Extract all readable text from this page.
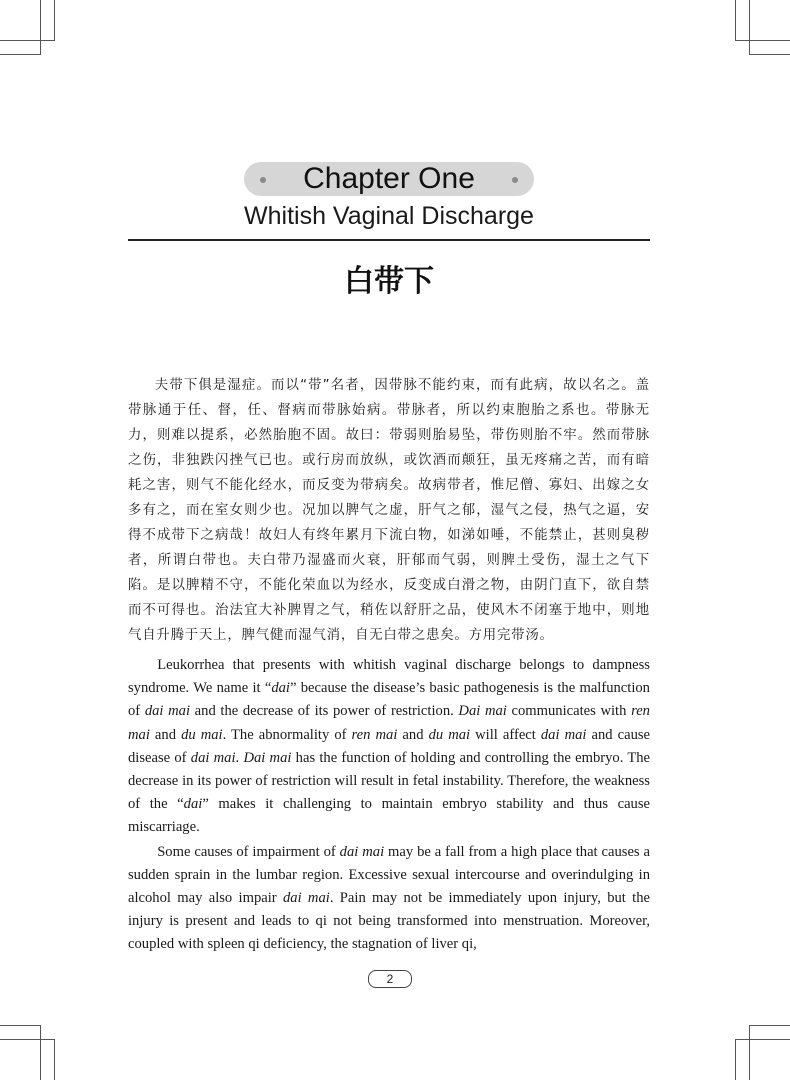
Chapter One
Whitish Vaginal Discharge
白带下

夫带下俱是湿症。而以“带”名者，因带脉不能约束，而有此病，故以名之。盖带脉通于任、督，任、督病而带脉始病。带脉者，所以约束胞胎之系也。带脉无力，则难以提系，必然胎胞不固。故曰：带弱则胎易坠，带伤则胎不牢。然而带脉之伤，非独跌闪挫气已也。或行房而放纵，或饮酒而颠狂，虽无疼痛之苦，而有暗耗之害，则气不能化经水，而反变为带病矣。故病带者，惟尼僧、寡妇、出嫁之女多有之，而在室女则少也。况加以脾气之虚，肝气之郁，湿气之侵，热气之逼，安得不成带下之病哉！故妇人有终年累月下流白物，如涕如唾，不能禁止，甚则臭秽者，所谓白带也。夫白带乃湿盛而火衰，肝郁而气弱，则脾土受伤，湿土之气下陷。是以脾精不守，不能化荣血以为经水，反变成白滑之物，由阴门直下，欲自禁而不可得也。治法宜大补脾胃之气，稍佐以舒肝之品，使风木不闭塞于地中，则地气自升腾于天上，脾气健而湿气消，自无白带之患矣。方用完带汤。

Leukorrhea that presents with whitish vaginal discharge belongs to dampness syndrome. We name it “dai” because the disease’s basic pathogenesis is the malfunction of dai mai and the decrease of its power of restriction. Dai mai communicates with ren mai and du mai. The abnormality of ren mai and du mai will affect dai mai and cause disease of dai mai. Dai mai has the function of holding and controlling the embryo. The decrease in its power of restriction will result in fetal instability. Therefore, the weakness of the “dai” makes it challenging to maintain embryo stability and thus cause miscarriage.

Some causes of impairment of dai mai may be a fall from a high place that causes a sudden sprain in the lumbar region. Excessive sexual intercourse and overindulging in alcohol may also impair dai mai. Pain may not be immediately upon injury, but the injury is present and leads to qi not being transformed into menstruation. Moreover, coupled with spleen qi deficiency, the stagnation of liver qi,

2
